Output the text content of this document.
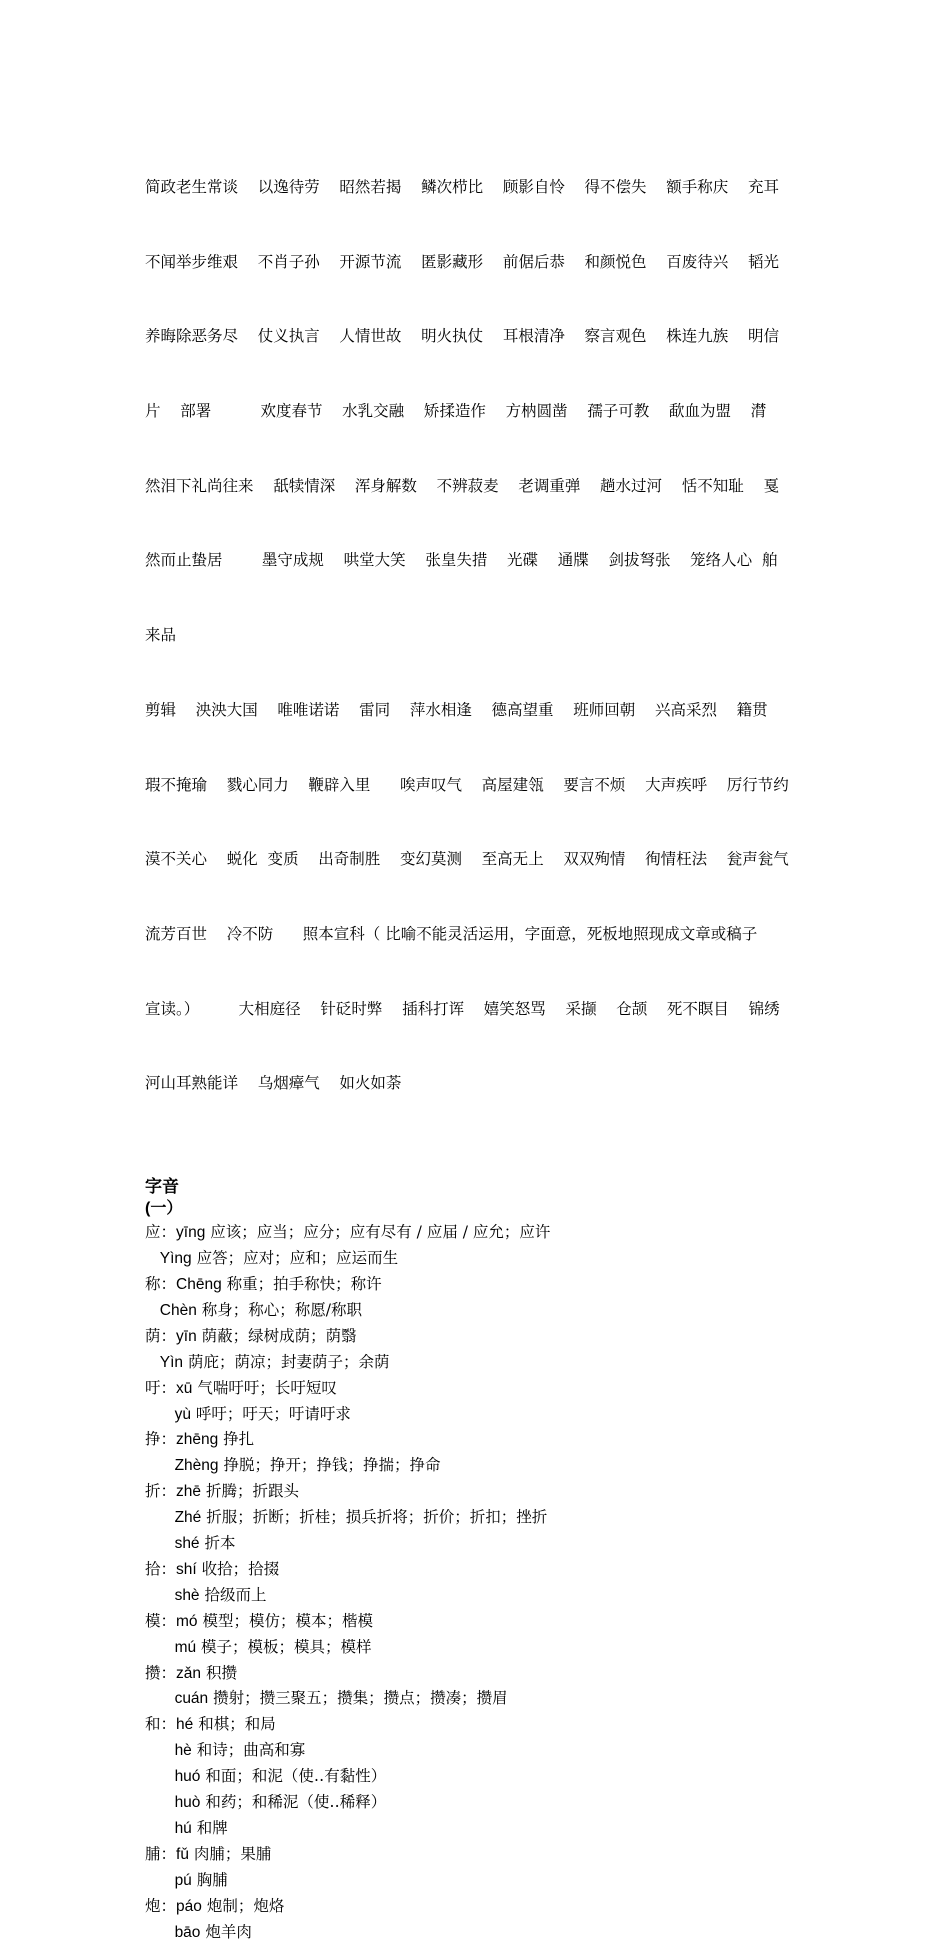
简政老生常谈    以逸待劳    昭然若揭    鳞次栉比    顾影自怜    得不偿失    额手称庆    充耳

不闻举步维艰    不肖子孙    开源节流    匿影藏形    前倨后恭    和颜悦色    百废待兴    韬光

养晦除恶务尽    仗义执言    人情世故    明火执仗    耳根清净    察言观色    株连九族    明信

片    部署          欢度春节    水乳交融    矫揉造作    方枘圆凿    孺子可教    歃血为盟    潸

然泪下礼尚往来    舐犊情深    浑身解数    不辨菽麦    老调重弹    趟水过河    恬不知耻    戛

然而止蛰居        墨守成规    哄堂大笑    张皇失措    光碟    通牒    剑拔弩张    笼络人心  舶

来品

剪辑    泱泱大国    唯唯诺诺    雷同    萍水相逢    德高望重    班师回朝    兴高采烈    籍贯

瑕不掩瑜    戮心同力    鞭辟入里      唉声叹气    高屋建瓴    要言不烦    大声疾呼    厉行节约

漠不关心    蜕化  变质    出奇制胜    变幻莫测    至高无上    双双殉情    徇情枉法    瓮声瓮气

流芳百世    冷不防      照本宣科（ 比喻不能灵活运用，字面意，死板地照现成文章或稿子

宣读。）        大相庭径    针砭时弊    插科打诨    嬉笑怒骂    采撷    仓颉    死不瞑目    锦绣

河山耳熟能详    乌烟瘴气    如火如荼

字音
(一）
应：yīng 应该；应当；应分；应有尽有 / 应届 / 应允；应许
Yìng 应答；应对；应和；应运而生
称：Chēng 称重；拍手称快；称许
Chèn 称身；称心；称愿/称职
荫：yīn 荫蔽；绿树成荫；荫翳
Yìn 荫庇；荫凉；封妻荫子；余荫
吁：xū 气喘吁吁；长吁短叹
yù 呼吁；吁天；吁请吁求
挣：zhēng 挣扎
Zhèng 挣脱；挣开；挣钱；挣揣；挣命
折：zhē 折腾；折跟头
Zhé 折服；折断；折桂；损兵折将；折价；折扣；挫折
shé 折本
拾：shí 收拾；拾掇
shè 拾级而上
模：mó 模型；模仿；模本；楷模
mú 模子；模板；模具；模样
攒：zǎn 积攒
cuán 攒射；攒三聚五；攒集；攒点；攒凑；攒眉
和：hé 和棋；和局
hè 和诗；曲高和寡
huó 和面；和泥（使‥有黏性）
huò 和药；和稀泥（使‥稀释）
hú 和牌
脯：fǔ 肉脯；果脯
pú 胸脯
炮：páo 炮制；炮烙
bāo 炮羊肉
